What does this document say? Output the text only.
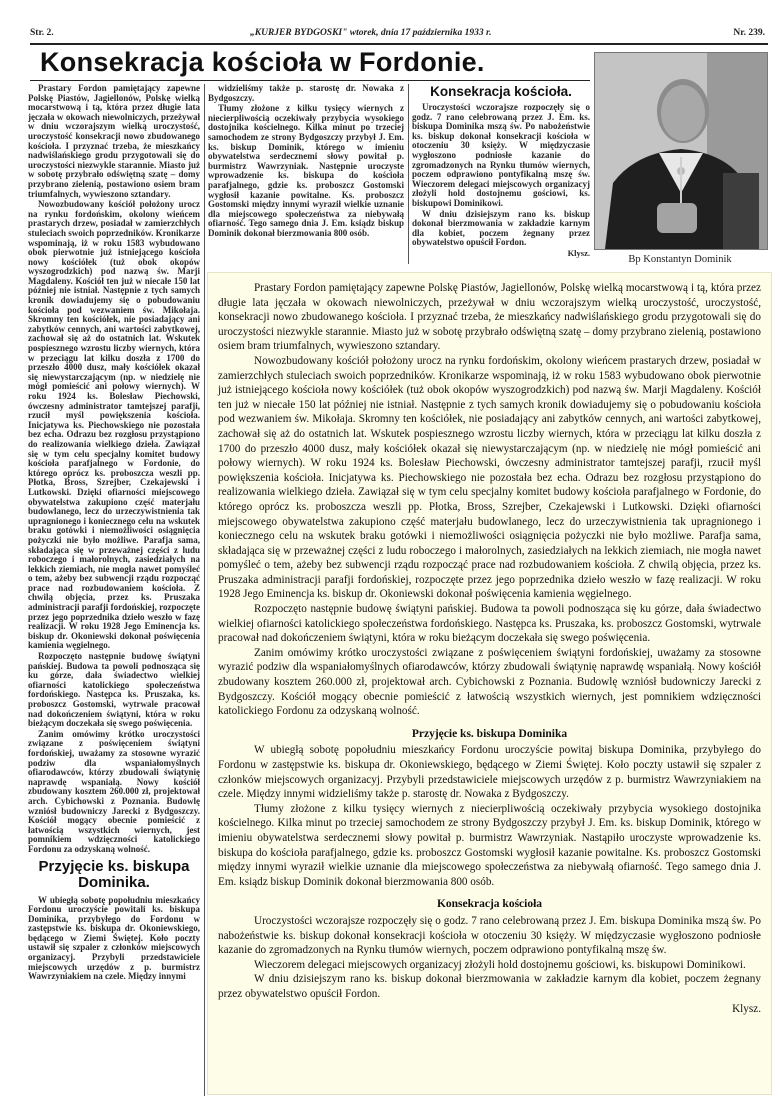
Str. 2.	„KURJER BYDGOSKI" wtorek, dnia 17 października 1933 r.	Nr. 239.
Konsekracja kościoła w Fordonie.

Prastary Fordon pamiętający zapewne Polskę Piastów, Jagiellonów, Polskę wielką mocarstwową i tą, która przez długie lata jęczała w okowach niewolniczych, przeżywał w dniu wczorajszym wielką uroczystość, uroczystość konsekracji nowo zbudowanego kościoła. I przyznać trzeba, że mieszkańcy nadwiślańskiego grodu przygotowali się do uroczystości niezwykle starannie. Miasto już w sobotę przybrało odświętną szatę – domy przybrano zielenią, postawiono osiem bram triumfalnych, wywieszono sztandary.

Nowozbudowany kościół położony urocz na rynku fordońskim, okolony wieńcem prastarych drzew, posiadał w zamierzchłych stuleciach swoich poprzedników. Kronikarze wspominają, iż w roku 1583 wybudowano obok pierwotnie już istniejącego kościoła nowy kościółek (tuż obok okopów wyszogrodzkich) pod nazwą św. Marji Magdaleny. Kościół ten już w niecałe 150 lat później nie istniał. Następnie z tych samych kronik dowiadujemy się o pobudowaniu kościoła pod wezwaniem św. Mikołaja. Skromny ten kościółek, nie posiadający ani zabytków cennych, ani wartości zabytkowej, zachował się aż do ostatnich lat. Wskutek pospiesznego wzrostu liczby wiernych, która w przeciągu lat kilku doszła z 1700 do przeszło 4000 dusz, mały kościółek okazał się niewystarczającym (np. w niedzielę nie mógł pomieścić ani połowy wiernych). W roku 1924 ks. Bolesław Piechowski, ówczesny administrator tamtejszej parafji, rzucił myśl powiększenia kościoła. Inicjatywa ks. Piechowskiego nie pozostała bez echa. Odrazu bez rozgłosu przystąpiono do realizowania wielkiego dzieła. Zawiązał się w tym celu specjalny komitet budowy kościoła parafjalnego w Fordonie, do którego oprócz ks. proboszcza weszli pp. Płotka, Bross, Szrejber, Czekajewski i Lutkowski. Dzięki ofiarności miejscowego obywatelstwa zakupiono część materjału budowlanego, lecz do urzeczywistnienia tak upragnionego i koniecznego celu na wskutek braku gotówki i niemożliwości osiągnięcia pożyczki nie było możliwe. Parafja sama, składająca się w przeważnej części z ludu roboczego i małorolnych, zasiedziałych na lekkich ziemiach, nie mogła nawet pomyśleć o tem, ażeby bez subwencji rządu rozpocząć prace nad rozbudowaniem kościoła. Z chwilą objęcia, przez ks. Pruszaka administracji parafji fordońskiej, rozpoczęte przez jego poprzednika dzieło weszło w fazę realizacji. W roku 1928 Jego Eminencja ks. biskup dr. Okoniewski dokonał poświęcenia kamienia węgielnego.

Rozpoczęto następnie budowę świątyni pańskiej. Budowa ta powoli podnosząca się ku górze, dała świadectwo wielkiej ofiarności katolickiego społeczeństwa fordońskiego. Następca ks. Pruszaka, ks. proboszcz Gostomski, wytrwale pracował nad dokończeniem świątyni, która w roku bieżącym doczekała się swego poświęcenia.

Zanim omówimy krótko uroczystości związane z poświęceniem świątyni fordońskiej, uważamy za stosowne wyrazić podziw dla wspaniałomyślnych ofiarodawców, którzy zbudowali świątynię naprawdę wspaniałą. Nowy kościół zbudowany kosztem 260.000 zł, projektował arch. Cybichowski z Poznania. Budowlę wzniósł budowniczy Jarecki z Bydgoszczy. Kościół mogący obecnie pomieścić z łatwością wszystkich wiernych, jest pomnikiem wdzięczności katolickiego Fordonu za odzyskaną wolność.

Przyjęcie ks. biskupa Dominika.

W ubiegłą sobotę popołudniu mieszkańcy Fordonu uroczyście powitali ks. biskupa Dominika, przybyłego do Fordonu w zastępstwie ks. biskupa dr. Okoniewskiego, będącego w Ziemi Świętej. Koło poczty ustawił się szpaler z członków miejscowych organizacyj. Przybyli przedstawiciele miejscowych urzędów z p. burmistrz Wawrzyniakiem na czele. Między innymi

widzieliśmy także p. starostę dr. Nowaka z Bydgoszczy.

Tłumy złożone z kilku tysięcy wiernych z niecierpliwością oczekiwały przybycia wysokiego dostojnika kościelnego. Kilka minut po trzeciej samochodem ze strony Bydgoszczy przybył J. Em. ks. biskup Dominik, którego w imieniu obywatelstwa serdecznemi słowy powitał p. burmistrz Wawrzyniak. Następnie uroczyste wprowadzenie ks. biskupa do kościoła parafjalnego, gdzie ks. proboszcz Gostomski wygłosił kazanie powitalne. Ks. proboszcz Gostomski między innymi wyraził wielkie uznanie dla miejscowego społeczeństwa za niebywałą ofiarność. Tego samego dnia J. Em. ksiądz biskup Dominik dokonał bierzmowania 800 osób.

Konsekracja kościoła.

Uroczystości wczorajsze rozpoczęły się o godz. 7 rano celebrowaną przez J. Em. ks. biskupa Dominika mszą św. Po nabożeństwie ks. biskup dokonał konsekracji kościoła w otoczeniu 30 księży. W międzyczasie wygłoszono podniosłe kazanie do zgromadzonych na Rynku tłumów wiernych, poczem odprawiono pontyfikalną mszę św. Wieczorem delegaci miejscowych organizacyj złożyli hold dostojnemu gościowi, ks. biskupowi Dominikowi.

W dniu dzisiejszym rano ks. biskup dokonał bierzmowania w zakładzie karnym dla kobiet, poczem żegnany przez obywatelstwo opuścił Fordon.

Klysz.
Bp Konstantyn Dominik

Prastary Fordon pamiętający zapewne Polskę Piastów, Jagiellonów, Polskę wielką mocarstwową i tą, która przez długie lata jęczała w okowach niewolniczych, przeżywał w dniu wczorajszym wielką uroczystość, uroczystość, konsekracji nowo zbudowanego kościoła. I przyznać trzeba, że mieszkańcy nadwiślańskiego grodu przygotowali się do uroczystości niezwykle starannie. Miasto już w sobotę przybrało odświętną szatę – domy przybrano zielenią, postawiono osiem bram triumfalnych, wywieszono sztandary.

Nowozbudowany kościół położony urocz na rynku fordońskim, okolony wieńcem prastarych drzew, posiadał w zamierzchłych stuleciach swoich poprzedników. Kronikarze wspominają, iż w roku 1583 wybudowano obok pierwotnie już istniejącego kościoła nowy kościółek (tuż obok okopów wyszogrodzkich) pod nazwą św. Marji Magdaleny. Kościół ten już w niecałe 150 lat później nie istniał. Następnie z tych samych kronik dowiadujemy się o pobudowaniu kościoła pod wezwaniem św. Mikołaja. Skromny ten kościółek, nie posiadający ani zabytków cennych, ani wartości zabytkowej, zachował się aż do ostatnich lat. Wskutek pospiesznego wzrostu liczby wiernych, która w przeciągu lat kilku doszła z 1700 do przeszło 4000 dusz, mały kościółek okazał się niewystarczającym (np. w niedzielę nie mógł pomieścić ani połowy wiernych). W roku 1924 ks. Bolesław Piechowski, ówczesny administrator tamtejszej parafji, rzucił myśl powiększenia kościoła. Inicjatywa ks. Piechowskiego nie pozostała bez echa. Odrazu bez rozgłosu przystąpiono do realizowania wielkiego dzieła. Zawiązał się w tym celu specjalny komitet budowy kościoła parafjalnego w Fordonie, do którego oprócz ks. proboszcza weszli pp. Płotka, Bross, Szrejber, Czekajewski i Lutkowski. Dzięki ofiarności miejscowego obywatelstwa zakupiono część materjału budowlanego, lecz do urzeczywistnienia tak upragnionego i koniecznego celu na wskutek braku gotówki i niemożliwości osiągnięcia pożyczki nie było możliwe. Parafja sama, składająca się w przeważnej części z ludu roboczego i małorolnych, zasiedziałych na lekkich ziemiach, nie mogła nawet pomyśleć o tem, ażeby bez subwencji rządu rozpocząć prace nad rozbudowaniem kościoła. Z chwilą objęcia, przez ks. Pruszaka administracji parafji fordońskiej, rozpoczęte przez jego poprzednika dzieło weszło w fazę realizacji. W roku 1928 Jego Eminencja ks. biskup dr. Okoniewski dokonał poświęcenia kamienia węgielnego.

Rozpoczęto następnie budowę świątyni pańskiej. Budowa ta powoli podnosząca się ku górze, dała świadectwo wielkiej ofiarności katolickiego społeczeństwa fordońskiego. Następca ks. Pruszaka, ks. proboszcz Gostomski, wytrwale pracował nad dokończeniem świątyni, która w roku bieżącym doczekała się swego poświęcenia.

Zanim omówimy krótko uroczystości związane z poświęceniem świątyni fordońskiej, uważamy za stosowne wyrazić podziw dla wspaniałomyślnych ofiarodawców, którzy zbudowali świątynię naprawdę wspaniałą. Nowy kościół zbudowany kosztem 260.000 zł, projektował arch. Cybichowski z Poznania. Budowlę wzniósł budowniczy Jarecki z Bydgoszczy. Kościół mogący obecnie pomieścić z łatwością wszystkich wiernych, jest pomnikiem wdzięczności katolickiego Fordonu za odzyskaną wolność.

Przyjęcie ks. biskupa Dominika

W ubiegłą sobotę popołudniu mieszkańcy Fordonu uroczyście powitaj biskupa Dominika, przybyłego do Fordonu w zastępstwie ks. biskupa dr. Okoniewskiego, będącego w Ziemi Świętej. Koło poczty ustawił się szpaler z członków miejscowych organizacyj. Przybyli przedstawiciele miejscowych urzędów z p. burmistrz Wawrzyniakiem na czele. Między innymi widzieliśmy także p. starostę dr. Nowaka z Bydgoszczy.

Tłumy złożone z kilku tysięcy wiernych z niecierpliwością oczekiwały przybycia wysokiego dostojnika kościelnego. Kilka minut po trzeciej samochodem ze strony Bydgoszczy przybył J. Em. ks. biskup Dominik, którego w imieniu obywatelstwa serdecznemi słowy powitał p. burmistrz Wawrzyniak. Nastąpiło uroczyste wprowadzenie ks. biskupa do kościoła parafjalnego, gdzie ks. proboszcz Gostomski wygłosił kazanie powitalne. Ks. proboszcz Gostomski między innymi wyraził wielkie uznanie dla miejscowego społeczeństwa za niebywałą ofiarność. Tego samego dnia J. Em. ksiądz biskup Dominik dokonał bierzmowania 800 osób.

Konsekracja kościoła

Uroczystości wczorajsze rozpoczęły się o godz. 7 rano celebrowaną przez J. Em. biskupa Dominika mszą św. Po nabożeństwie ks. biskup dokonał konsekracji kościoła w otoczeniu 30 księży. W międzyczasie wygłoszono podniosłe kazanie do zgromadzonych na Rynku tłumów wiernych, poczem odprawiono pontyfikalną mszę św.

Wieczorem delegaci miejscowych organizacyj złożyli hold dostojnemu gościowi, ks. biskupowi Dominikowi.

W dniu dzisiejszym rano ks. biskup dokonał bierzmowania w zakładzie karnym dla kobiet, poczem żegnany przez obywatelstwo opuścił Fordon.

Klysz.
